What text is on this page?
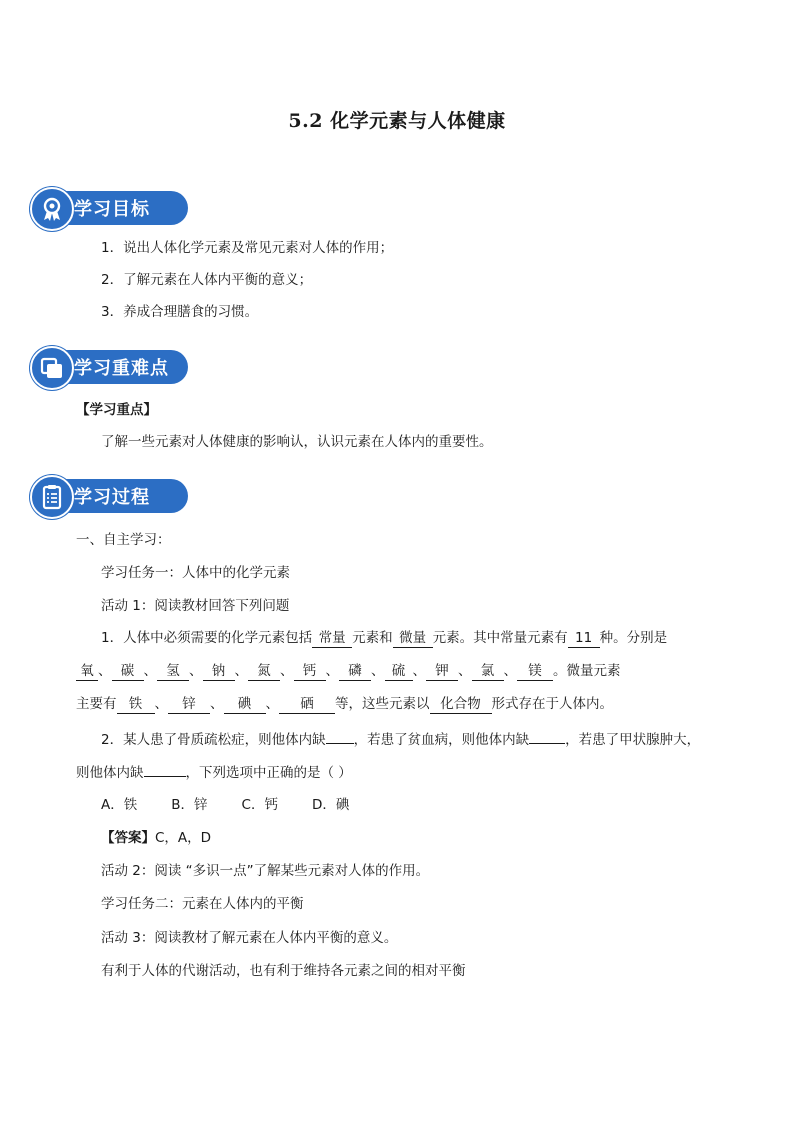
5.2 化学元素与人体健康
学习目标
1．说出人体化学元素及常见元素对人体的作用；
2．了解元素在人体内平衡的意义；
3．养成合理膳食的习惯。
学习重难点
【学习重点】
了解一些元素对人体健康的影响认，认识元素在人体内的重要性。
学习过程
一、自主学习：
学习任务一：人体中的化学元素
活动 1：阅读教材回答下列问题
1．人体中必须需要的化学元素包括 常量 元素和 微量 元素。其中常量元素有 11 种。分别是
氧 、 碳 、 氢 、 钠 、 氮 、 钙 、 磷 、 硫 、 钾 、 氯 、 镁 。微量元素
主要有 铁 、 锌 、 碘 、 硒 等，这些元素以 化合物 形式存在于人体内。
2．某人患了骨质疏松症，则他体内缺 ，若患了贫血病，则他体内缺	，若患了甲状腺肿大，
则他体内缺	，下列选项中正确的是（ ）
A．铁	B．锌	C．钙	D．碘
【答案】C，A，D
活动 2：阅读 “多识一点”了解某些元素对人体的作用。
学习任务二：元素在人体内的平衡
活动 3：阅读教材了解元素在人体内平衡的意义。
有利于人体的代谢活动，也有利于维持各元素之间的相对平衡
